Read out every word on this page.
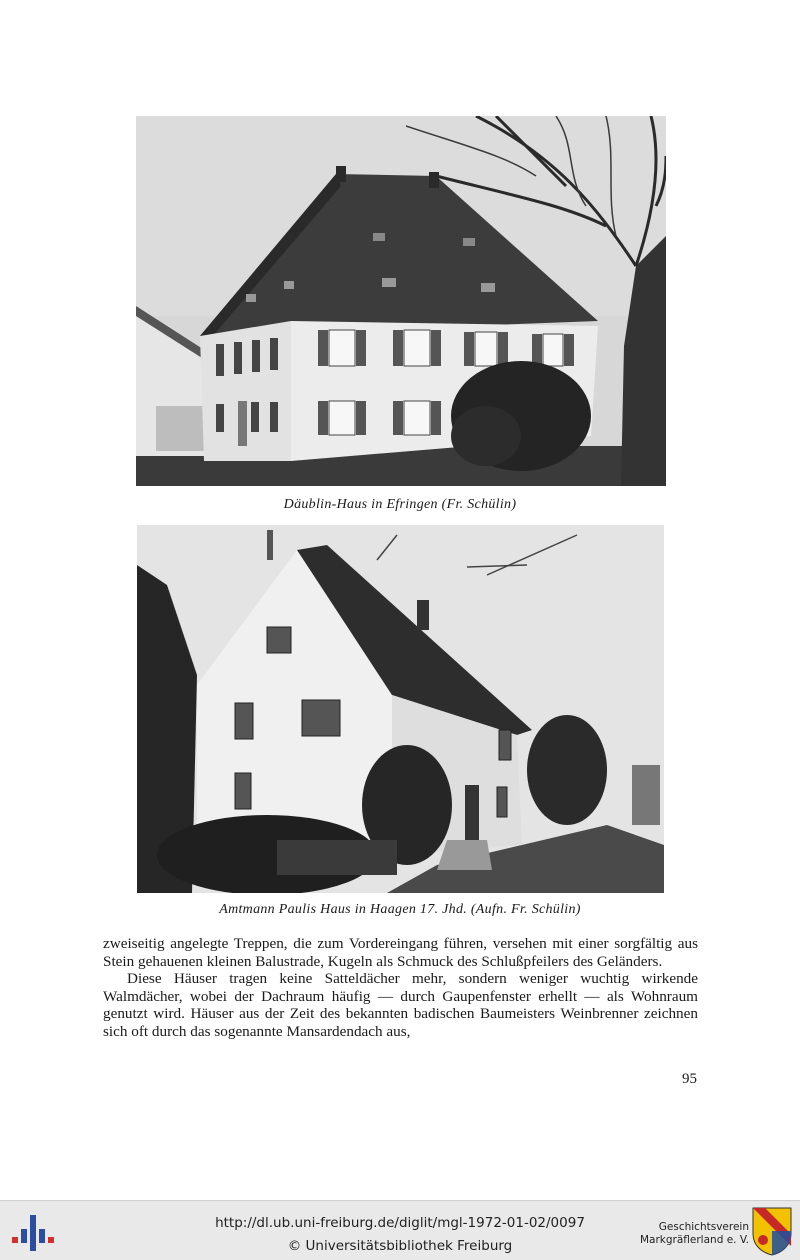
Däublin-Haus in Efringen (Fr. Schülin)
Amtmann Paulis Haus in Haagen 17. Jhd. (Aufn. Fr. Schülin)

zweiseitig angelegte Treppen, die zum Vordereingang führen, versehen mit einer sorgfältig aus Stein gehauenen kleinen Balustrade, Kugeln als Schmuck des Schlußpfeilers des Geländers.

Diese Häuser tragen keine Satteldächer mehr, sondern weniger wuchtig wirkende Walmdächer, wobei der Dachraum häufig — durch Gaupenfenster erhellt — als Wohnraum genutzt wird. Häuser aus der Zeit des bekannten badischen Baumeisters Weinbrenner zeichnen sich oft durch das sogenannte Mansardendach aus,

95
http://dl.ub.uni-freiburg.de/diglit/mgl-1972-01-02/0097
© Universitätsbibliothek Freiburg
Geschichtsverein
Markgräflerland e. V.
